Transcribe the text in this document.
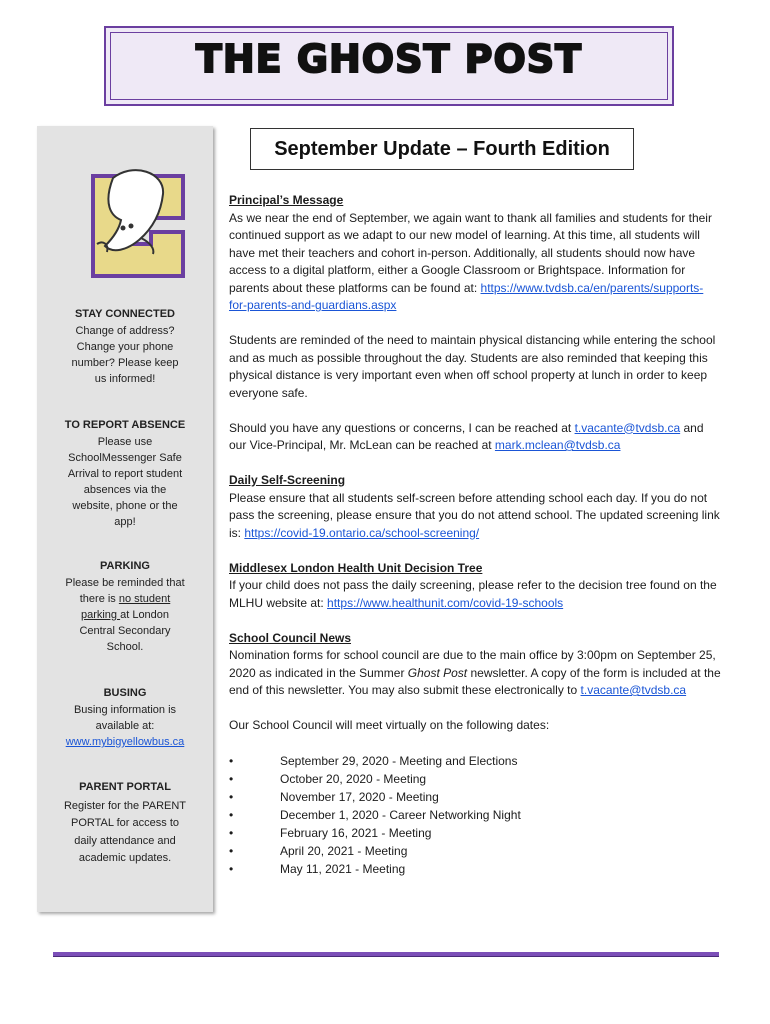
THE GHOST POST
STAY CONNECTED
Change of address?
Change your phone
number? Please keep
us informed!
TO REPORT ABSENCE
Please use
SchoolMessenger Safe
Arrival to report student
absences via the
website, phone or the
app!
PARKING
Please be reminded that
there is no student
parking at London
Central Secondary
School.
BUSING
Busing information is
available at:
www.mybigyellowbus.ca
PARENT PORTAL
Register for the PARENT
PORTAL for access to
daily attendance and
academic updates.
September Update – Fourth Edition

Principal’s Message
As we near the end of September, we again want to thank all families and students for their continued support as we adapt to our new model of learning. At this time, all students will have met their teachers and cohort in-person. Additionally, all students should now have access to a digital platform, either a Google Classroom or Brightspace. Information for parents about these platforms can be found at: https://www.tvdsb.ca/en/parents/supports-for-parents-and-guardians.aspx

Students are reminded of the need to maintain physical distancing while entering the school and as much as possible throughout the day. Students are also reminded that keeping this physical distance is very important even when off school property at lunch in order to keep everyone safe.

Should you have any questions or concerns, I can be reached at t.vacante@tvdsb.ca and our Vice-Principal, Mr. McLean can be reached at mark.mclean@tvdsb.ca

Daily Self-Screening
Please ensure that all students self-screen before attending school each day. If you do not pass the screening, please ensure that you do not attend school. The updated screening link is: https://covid-19.ontario.ca/school-screening/

Middlesex London Health Unit Decision Tree
If your child does not pass the daily screening, please refer to the decision tree found on the MLHU website at: https://www.healthunit.com/covid-19-schools

School Council News
Nomination forms for school council are due to the main office by 3:00pm on September 25, 2020 as indicated in the Summer Ghost Post newsletter. A copy of the form is included at the end of this newsletter. You may also submit these electronically to t.vacante@tvdsb.ca

Our School Council will meet virtually on the following dates:

• September 29, 2020 - Meeting and Elections
• October 20, 2020 - Meeting
• November 17, 2020 - Meeting
• December 1, 2020 - Career Networking Night
• February 16, 2021 - Meeting
• April 20, 2021 - Meeting
• May 11, 2021 - Meeting
